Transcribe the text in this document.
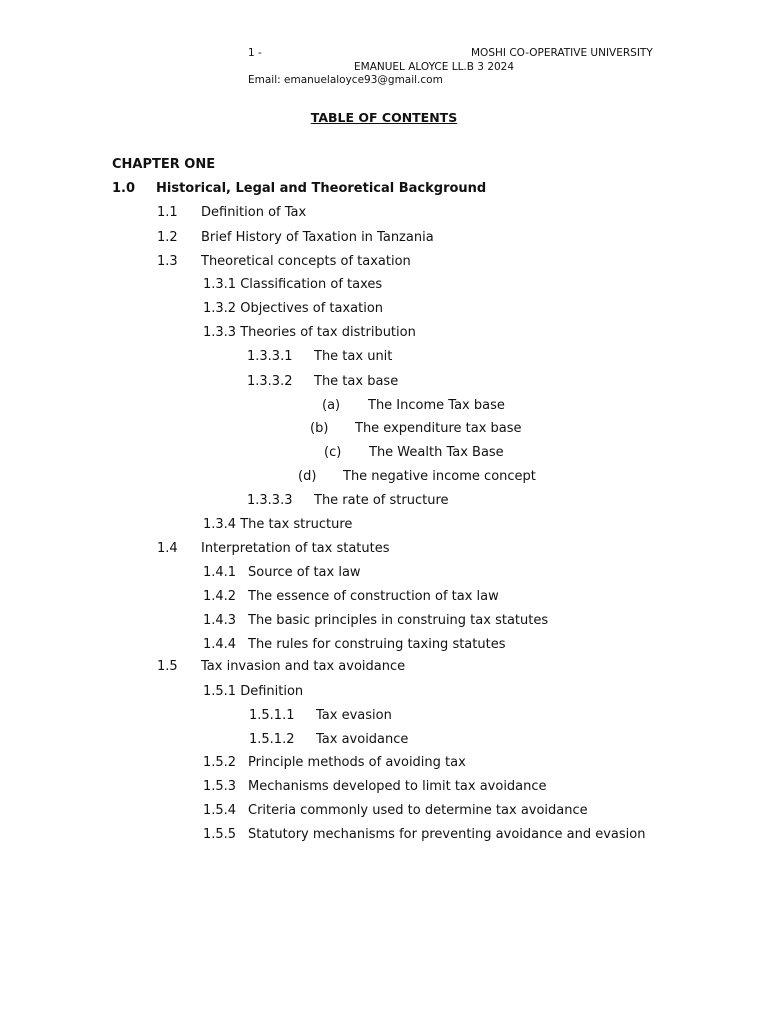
1 -	MOSHI CO-OPERATIVE UNIVERSITY
EMANUEL ALOYCE LL.B 3 2024
Email: emanuelaloyce93@gmail.com
TABLE OF CONTENTS
CHAPTER ONE
1.0 Historical, Legal and Theoretical Background
1.1 Definition of Tax
1.2 Brief History of Taxation in Tanzania
1.3 Theoretical concepts of taxation
1.3.1 Classification of taxes
1.3.2 Objectives of taxation
1.3.3 Theories of tax distribution
1.3.3.1 The tax unit
1.3.3.2 The tax base
(a) The Income Tax base
(b) The expenditure tax base
(c) The Wealth Tax Base
(d) The negative income concept
1.3.3.3 The rate of structure
1.3.4 The tax structure
1.4 Interpretation of tax statutes
1.4.1 Source of tax law
1.4.2 The essence of construction of tax law
1.4.3 The basic principles in construing tax statutes
1.4.4 The rules for construing taxing statutes
1.5 Tax invasion and tax avoidance
1.5.1 Definition
1.5.1.1 Tax evasion
1.5.1.2 Tax avoidance
1.5.2 Principle methods of avoiding tax
1.5.3 Mechanisms developed to limit tax avoidance
1.5.4 Criteria commonly used to determine tax avoidance
1.5.5 Statutory mechanisms for preventing avoidance and evasion
